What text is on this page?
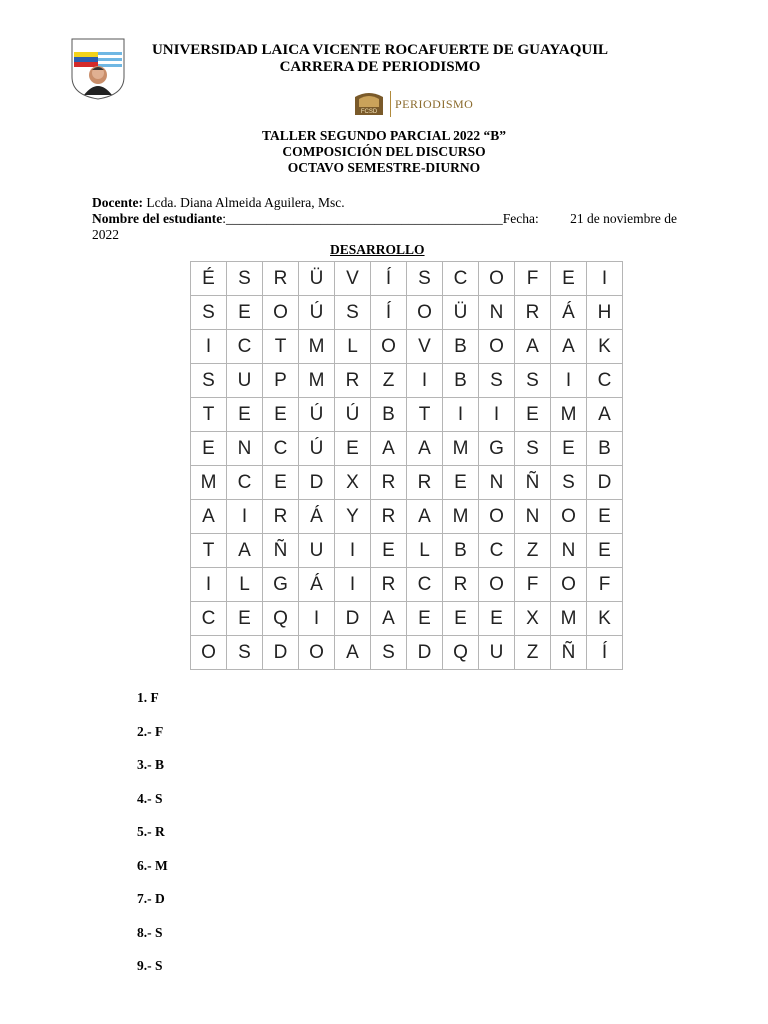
UNIVERSIDAD LAICA VICENTE ROCAFUERTE DE GUAYAQUIL
CARRERA DE PERIODISMO
FCSD
PERIODISMO
TALLER SEGUNDO PARCIAL 2022 “B”
COMPOSICIÓN DEL DISCURSO
OCTAVO SEMESTRE-DIURNO
Docente: Lcda. Diana Almeida Aguilera, Msc.
Nombre del estudiante:_________________________________________Fecha: 21 de noviembre de
2022
DESARROLLO
É	S	R	Ü	V	Í	S	C	O	F	E	I
S	E	O	Ú	S	Í	O	Ü	N	R	Á	H
I	C	T	M	L	O	V	B	O	A	A	K
S	U	P	M	R	Z	I	B	S	S	I	C
T	E	E	Ú	Ú	B	T	I	I	E	M	A
E	N	C	Ú	E	A	A	M	G	S	E	B
M	C	E	D	X	R	R	E	N	Ñ	S	D
A	I	R	Á	Y	R	A	M	O	N	O	E
T	A	Ñ	U	I	E	L	B	C	Z	N	E
I	L	G	Á	I	R	C	R	O	F	O	F
C	E	Q	I	D	A	E	E	E	X	M	K
O	S	D	O	A	S	D	Q	U	Z	Ñ	Í
1. F
2.- F
3.- B
4.- S
5.- R
6.- M
7.- D
8.- S
9.- S
